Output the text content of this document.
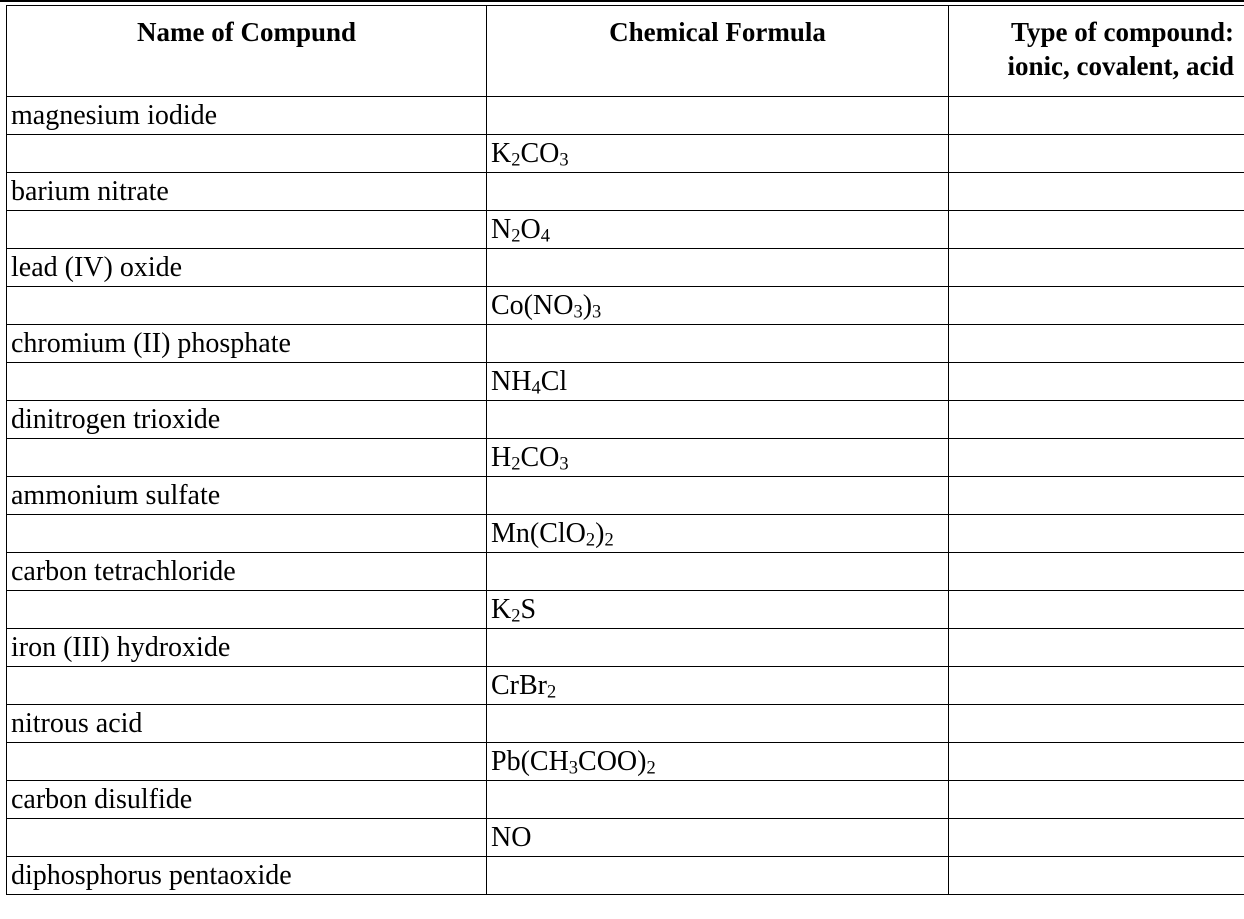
Name of Compund	Chemical Formula	Type of compound:
ionic, covalent, acid

magnesium iodide		
	$K_2CO_3$	
barium nitrate		
	$N_2O_4$	
lead (IV) oxide		
	$Co(NO_3)_3$	
chromium (II) phosphate		
	$NH_4Cl$	
dinitrogen trioxide		
	$H_2CO_3$	
ammonium sulfate		
	$Mn(ClO_2)_2$	
carbon tetrachloride		
	$K_2S$	
iron (III) hydroxide		
	CrBr$_2$	
nitrous acid		
	$Pb(CH_3COO)_2$	
carbon disulfide		
	NO	
diphosphorus pentaoxide		
